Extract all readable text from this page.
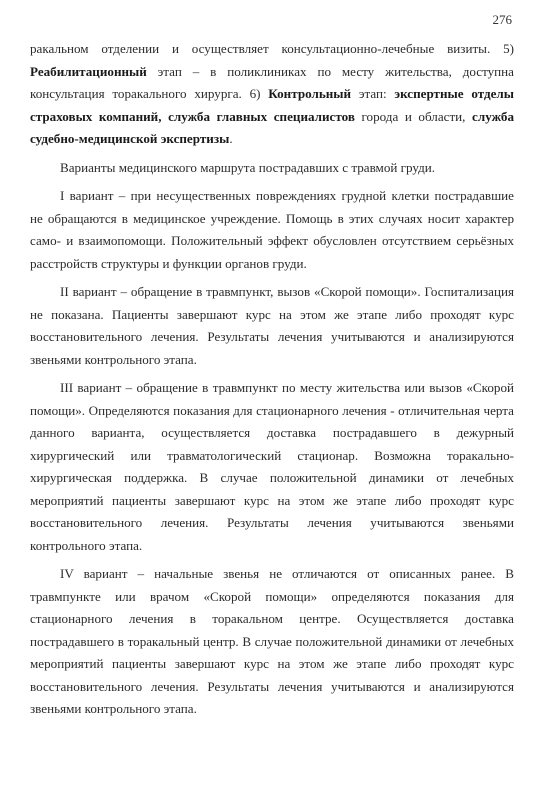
276

ракальном отделении и осуществляет консультационно-лечебные визиты. 5) Реабилитационный этап – в поликлиниках по месту жительства, доступна консультация торакального хирурга. 6) Контрольный этап: экспертные отделы страховых компаний, служба главных специалистов города и области, служба судебно-медицинской экспертизы.

Варианты медицинского маршрута пострадавших с травмой груди.

I вариант – при несущественных повреждениях грудной клетки пострадавшие не обращаются в медицинское учреждение. Помощь в этих случаях носит характер само- и взаимопомощи. Положительный эффект обусловлен отсутствием серьёзных расстройств структуры и функции органов груди.

II вариант – обращение в травмпункт, вызов «Скорой помощи». Госпитализация не показана. Пациенты завершают курс на этом же этапе либо проходят курс восстановительного лечения. Результаты лечения учитываются и анализируются звеньями контрольного этапа.

III вариант – обращение в травмпункт по месту жительства или вызов «Скорой помощи». Определяются показания для стационарного лечения - отличительная черта данного варианта, осуществляется доставка пострадавшего в дежурный хирургический или травматологический стационар. Возможна торакально-хирургическая поддержка. В случае положительной динамики от лечебных мероприятий пациенты завершают курс на этом же этапе либо проходят курс восстановительного лечения. Результаты лечения учитываются звеньями контрольного этапа.

IV вариант – начальные звенья не отличаются от описанных ранее. В травмпункте или врачом «Скорой помощи» определяются показания для стационарного лечения в торакальном центре. Осуществляется доставка пострадавшего в торакальный центр. В случае положительной динамики от лечебных мероприятий пациенты завершают курс на этом же этапе либо проходят курс восстановительного лечения. Результаты лечения учитываются и анализируются звеньями контрольного этапа.
